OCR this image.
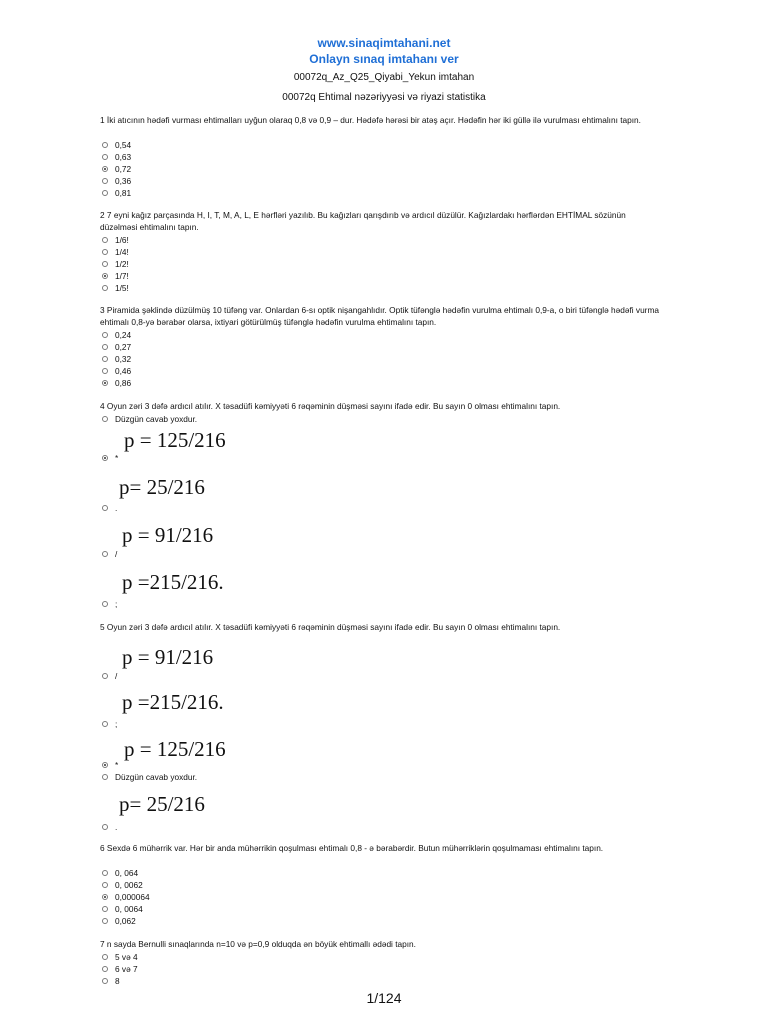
www.sinaqimtahani.net
Onlayn sınaq imtahanı ver
00072q_Az_Q25_Qiyabi_Yekun imtahan
00072q Ehtimal nəzəriyyəsi və riyazi statistika
1 İki atıcının hədəfi vurması ehtimalları uyğun olaraq 0,8 və 0,9 – dur. Hədəfə hərəsi bir atəş açır. Hədəfin hər iki güllə ilə vurulması ehtimalını tapın.
0,54
0,63
0,72
0,36
0,81
2 7 eyni kağız parçasında H, I, T, M, A, L, E hərfləri yazılıb. Bu kağızları qarışdırıb və ardıcıl düzülür. Kağızlardakı hərflərdən EHTİMAL sözünün düzəlməsi ehtimalını tapın.
1/6!
1/4!
1/2!
1/7!
1/5!
3 Piramida şəklində düzülmüş 10 tüfəng var. Onlardan 6-sı optik nişangahlıdır. Optik tüfənglə hədəfin vurulma ehtimalı 0,9-a, o biri tüfənglə hədəfi vurma ehtimalı 0,8-yə bərabər olarsa, ixtiyari götürülmüş tüfənglə hədəfin vurulma ehtimalını tapın.
0,24
0,27
0,32
0,46
0,86
4 Oyun zəri 3 dəfə ardıcıl atılır. X təsadüfi kəmiyyəti 6 rəqəminin düşməsi sayını ifadə edir. Bu sayın 0 olması ehtimalını tapın.
Düzgün cavab yoxdur.
p = 125/216
*
p= 25/216
.
p = 91/216
/
p =215/216.
;
5 Oyun zəri 3 dəfə ardıcıl atılır. X təsadüfi kəmiyyəti 6 rəqəminin düşməsi sayını ifadə edir. Bu sayın 0 olması ehtimalını tapın.
p = 91/216
/
p =215/216.
;
p = 125/216
*
Düzgün cavab yoxdur.
p= 25/216
.
6 Sexdə 6 mühərrik var. Hər bir anda mühərrikin qoşulması ehtimalı 0,8 - ə bərabərdir. Butun mühərriklərin qoşulmaması ehtimalını tapın.
0, 064
0, 0062
0,000064
0, 0064
0,062
7 n sayda Bernulli sınaqlarında n=10 və p=0,9 olduqda ən böyük ehtimallı ədədi tapın.
5 və 4
6 və 7
8
1/124
